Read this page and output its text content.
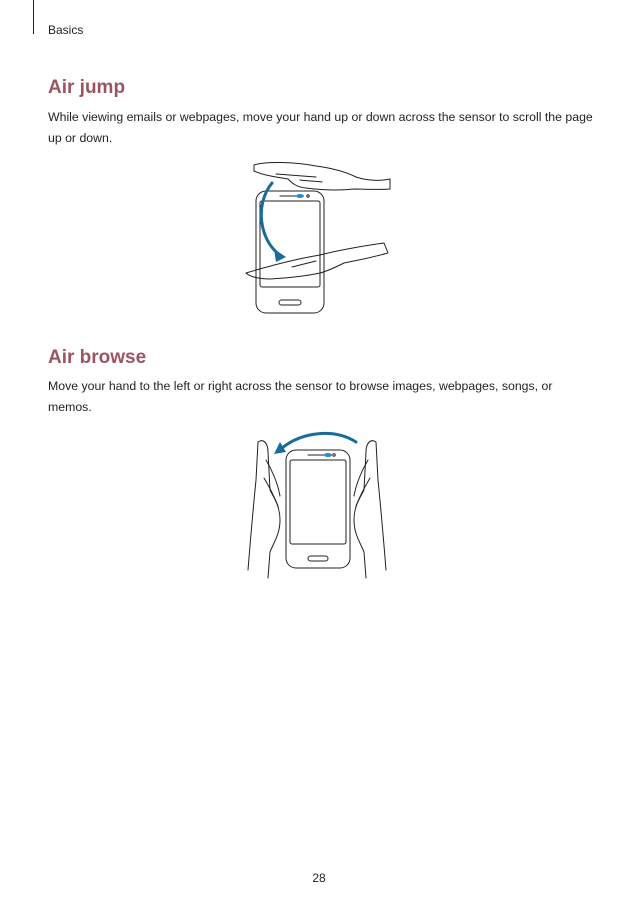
Basics
Air jump

While viewing emails or webpages, move your hand up or down across the sensor to scroll the page up or down.

Air browse

Move your hand to the left or right across the sensor to browse images, webpages, songs, or memos.

28
